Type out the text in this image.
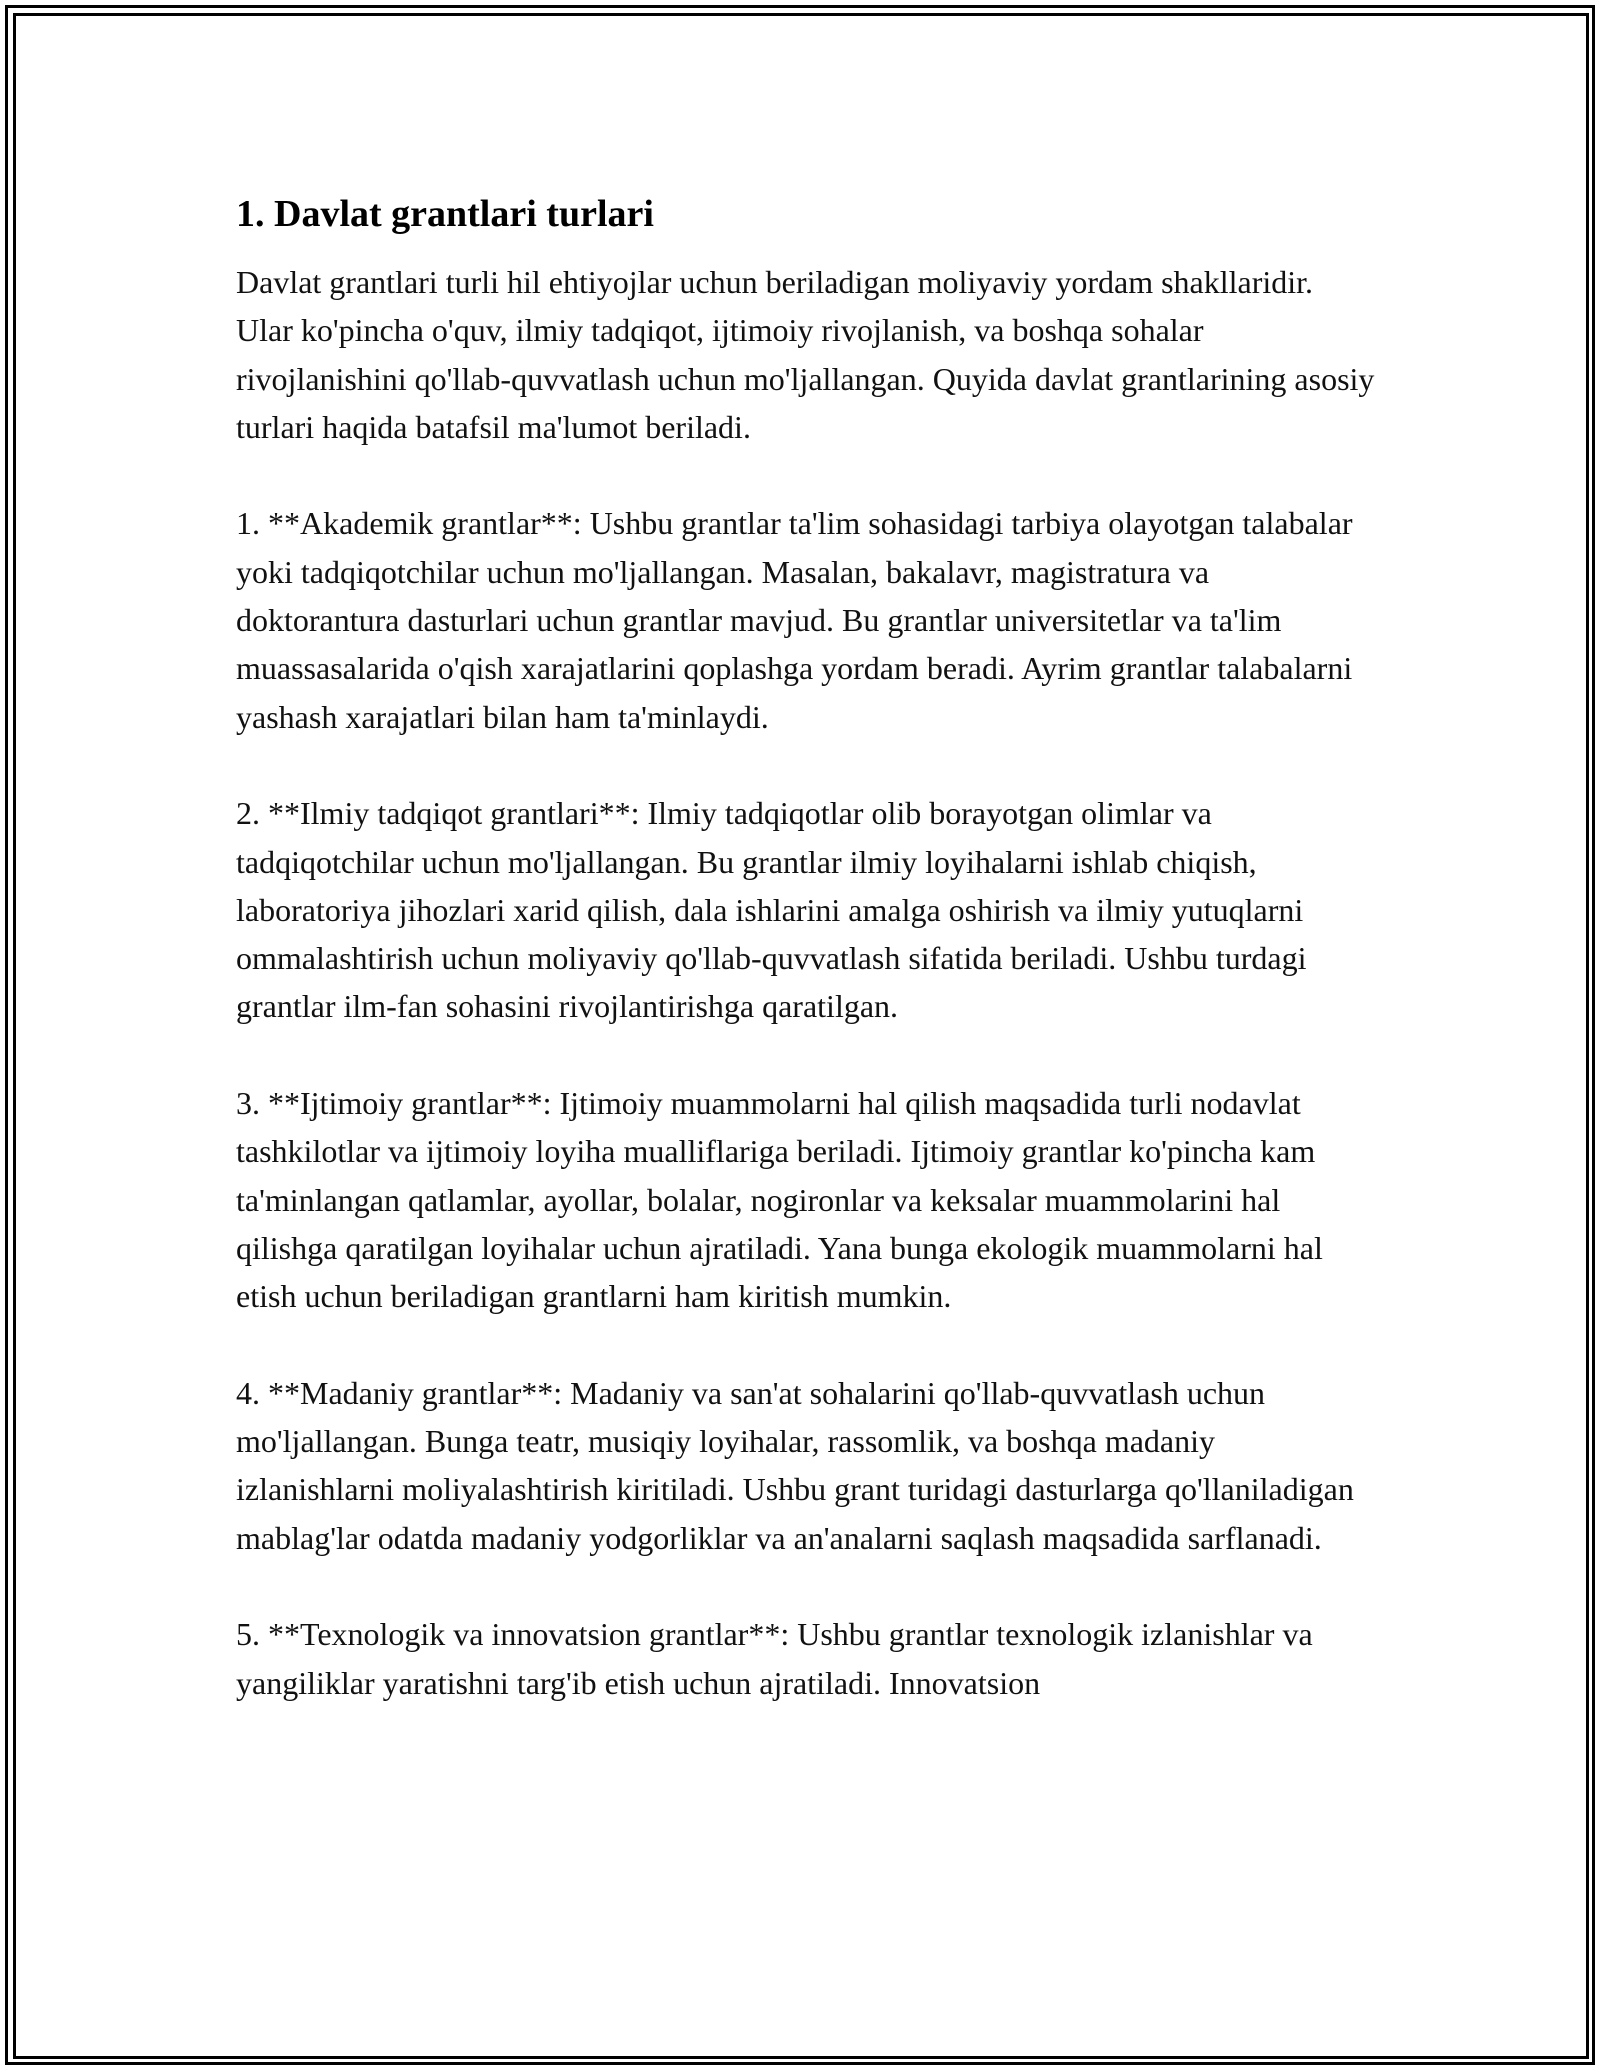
1. Davlat grantlari turlari

Davlat grantlari turli hil ehtiyojlar uchun beriladigan moliyaviy yordam shakllaridir. Ular ko'pincha o'quv, ilmiy tadqiqot, ijtimoiy rivojlanish, va boshqa sohalar rivojlanishini qo'llab-quvvatlash uchun mo'ljallangan. Quyida davlat grantlarining asosiy turlari haqida batafsil ma'lumot beriladi.

1. **Akademik grantlar**: Ushbu grantlar ta'lim sohasidagi tarbiya olayotgan talabalar yoki tadqiqotchilar uchun mo'ljallangan. Masalan, bakalavr, magistratura va doktorantura dasturlari uchun grantlar mavjud. Bu grantlar universitetlar va ta'lim muassasalarida o'qish xarajatlarini qoplashga yordam beradi. Ayrim grantlar talabalarni yashash xarajatlari bilan ham ta'minlaydi.

2. **Ilmiy tadqiqot grantlari**: Ilmiy tadqiqotlar olib borayotgan olimlar va tadqiqotchilar uchun mo'ljallangan. Bu grantlar ilmiy loyihalarni ishlab chiqish, laboratoriya jihozlari xarid qilish, dala ishlarini amalga oshirish va ilmiy yutuqlarni ommalashtirish uchun moliyaviy qo'llab-quvvatlash sifatida beriladi. Ushbu turdagi grantlar ilm-fan sohasini rivojlantirishga qaratilgan.

3. **Ijtimoiy grantlar**: Ijtimoiy muammolarni hal qilish maqsadida turli nodavlat tashkilotlar va ijtimoiy loyiha mualliflariga beriladi. Ijtimoiy grantlar ko'pincha kam ta'minlangan qatlamlar, ayollar, bolalar, nogironlar va keksalar muammolarini hal qilishga qaratilgan loyihalar uchun ajratiladi. Yana bunga ekologik muammolarni hal etish uchun beriladigan grantlarni ham kiritish mumkin.

4. **Madaniy grantlar**: Madaniy va san'at sohalarini qo'llab-quvvatlash uchun mo'ljallangan. Bunga teatr, musiqiy loyihalar, rassomlik, va boshqa madaniy izlanishlarni moliyalashtirish kiritiladi. Ushbu grant turidagi dasturlarga qo'llaniladigan mablag'lar odatda madaniy yodgorliklar va an'analarni saqlash maqsadida sarflanadi.

5. **Texnologik va innovatsion grantlar**: Ushbu grantlar texnologik izlanishlar va yangiliklar yaratishni targ'ib etish uchun ajratiladi. Innovatsion
